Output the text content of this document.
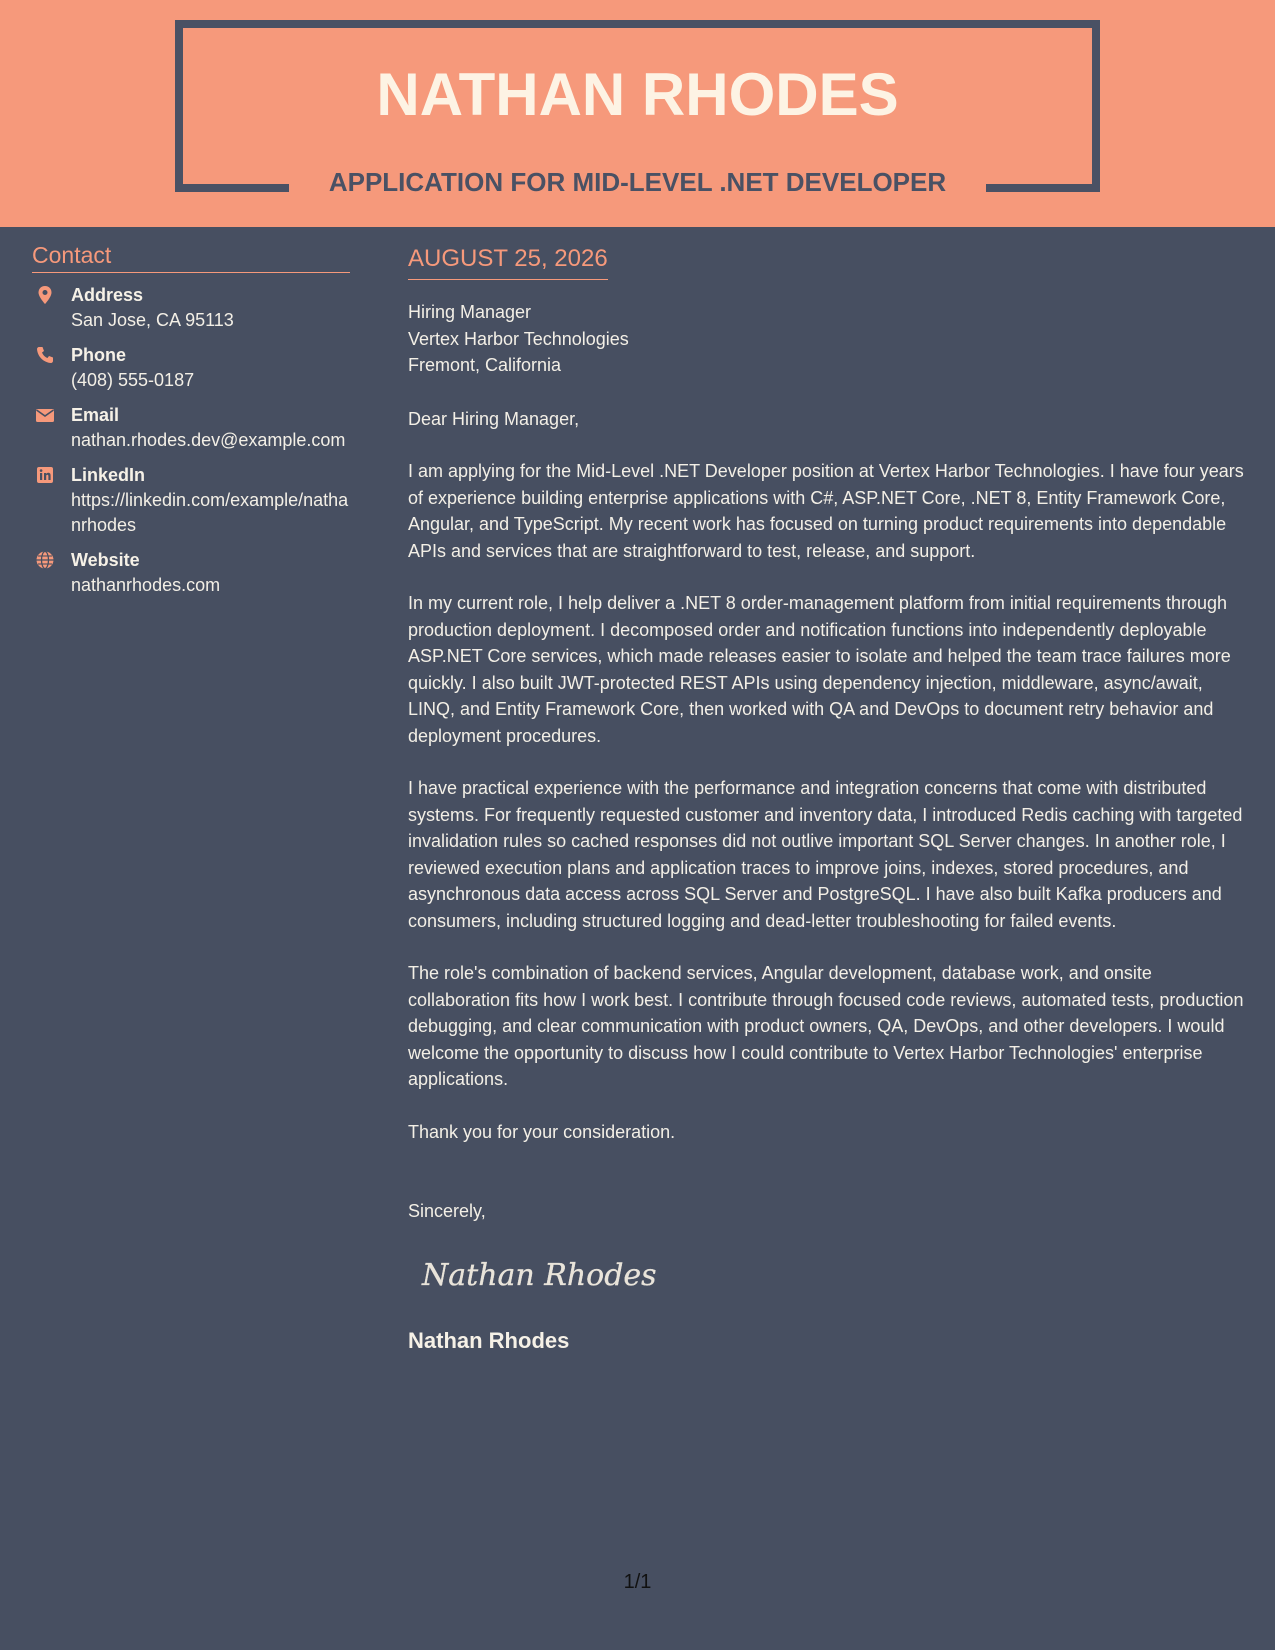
NATHAN RHODES
APPLICATION FOR MID-LEVEL .NET DEVELOPER
Contact
Address
San Jose, CA 95113
Phone
(408) 555-0187
Email
nathan.rhodes.dev@example.com
LinkedIn
https://linkedin.com/example/nathanrhodes
Website
nathanrhodes.com
AUGUST 25, 2026
Hiring Manager
Vertex Harbor Technologies
Fremont, California

Dear Hiring Manager,

I am applying for the Mid-Level .NET Developer position at Vertex Harbor Technologies. I have four years of experience building enterprise applications with C#, ASP.NET Core, .NET 8, Entity Framework Core, Angular, and TypeScript. My recent work has focused on turning product requirements into dependable APIs and services that are straightforward to test, release, and support.

In my current role, I help deliver a .NET 8 order-management platform from initial requirements through production deployment. I decomposed order and notification functions into independently deployable ASP.NET Core services, which made releases easier to isolate and helped the team trace failures more quickly. I also built JWT-protected REST APIs using dependency injection, middleware, async/await, LINQ, and Entity Framework Core, then worked with QA and DevOps to document retry behavior and deployment procedures.

I have practical experience with the performance and integration concerns that come with distributed systems. For frequently requested customer and inventory data, I introduced Redis caching with targeted invalidation rules so cached responses did not outlive important SQL Server changes. In another role, I reviewed execution plans and application traces to improve joins, indexes, stored procedures, and asynchronous data access across SQL Server and PostgreSQL. I have also built Kafka producers and consumers, including structured logging and dead-letter troubleshooting for failed events.

The role's combination of backend services, Angular development, database work, and onsite collaboration fits how I work best. I contribute through focused code reviews, automated tests, production debugging, and clear communication with product owners, QA, DevOps, and other developers. I would welcome the opportunity to discuss how I could contribute to Vertex Harbor Technologies' enterprise applications.

Thank you for your consideration.

Sincerely,

Nathan Rhodes
Nathan Rhodes
1/1
